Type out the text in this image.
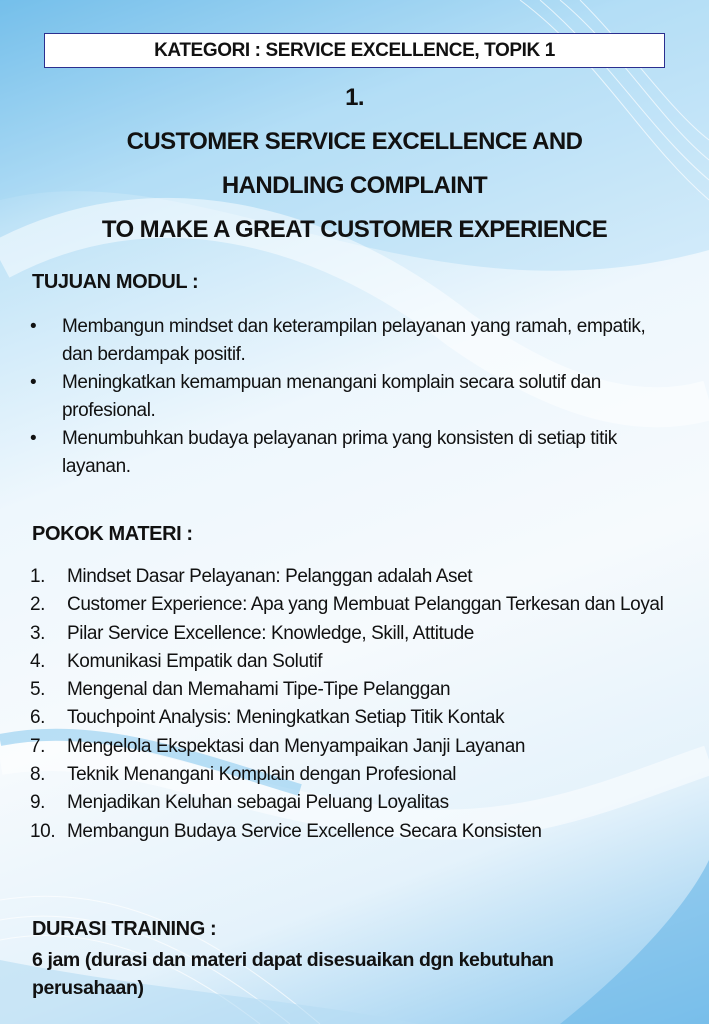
KATEGORI : SERVICE EXCELLENCE, TOPIK 1
1.
CUSTOMER SERVICE EXCELLENCE AND
HANDLING COMPLAINT
TO MAKE A GREAT CUSTOMER EXPERIENCE
TUJUAN MODUL :
• Membangun mindset dan keterampilan pelayanan yang ramah, empatik, dan berdampak positif.
• Meningkatkan kemampuan menangani komplain secara solutif dan profesional.
• Menumbuhkan budaya pelayanan prima yang konsisten di setiap titik layanan.
POKOK MATERI :
1. Mindset Dasar Pelayanan: Pelanggan adalah Aset
2. Customer Experience: Apa yang Membuat Pelanggan Terkesan dan Loyal
3. Pilar Service Excellence: Knowledge, Skill, Attitude
4. Komunikasi Empatik dan Solutif
5. Mengenal dan Memahami Tipe-Tipe Pelanggan
6. Touchpoint Analysis: Meningkatkan Setiap Titik Kontak
7. Mengelola Ekspektasi dan Menyampaikan Janji Layanan
8. Teknik Menangani Komplain dengan Profesional
9. Menjadikan Keluhan sebagai Peluang Loyalitas
10. Membangun Budaya Service Excellence Secara Konsisten
DURASI TRAINING :
6 jam (durasi dan materi dapat disesuaikan dgn kebutuhan perusahaan)
